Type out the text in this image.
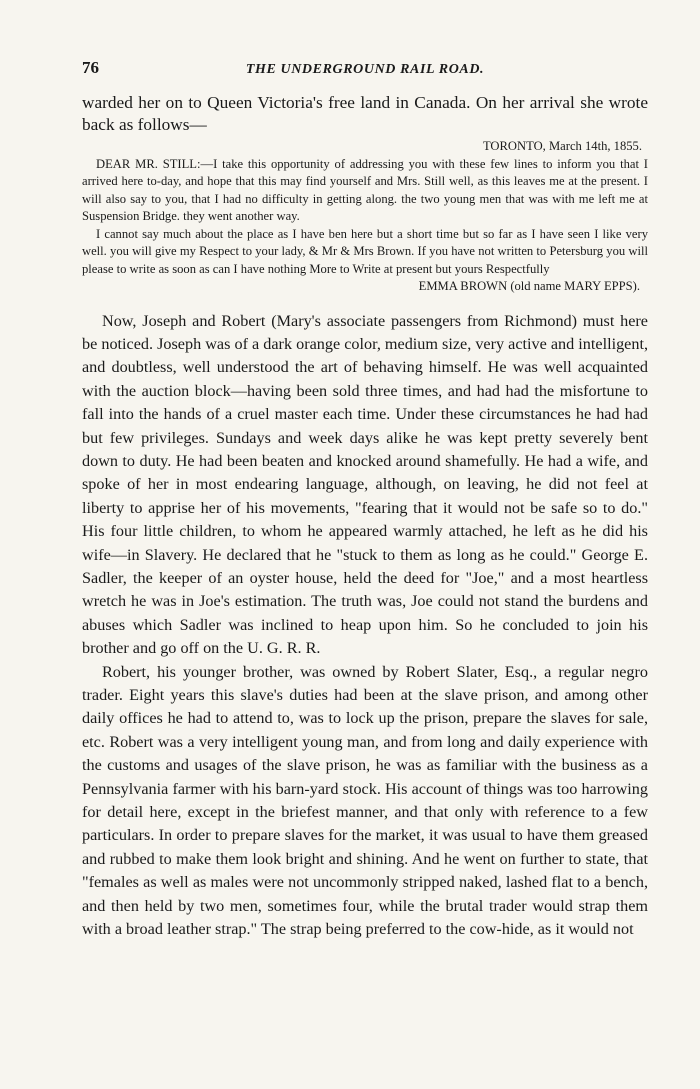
76	THE UNDERGROUND RAIL ROAD.
warded her on to Queen Victoria's free land in Canada. On her arrival she wrote back as follows—
TORONTO, March 14th, 1855.

DEAR MR. STILL:—I take this opportunity of addressing you with these few lines to inform you that I arrived here to-day, and hope that this may find yourself and Mrs. Still well, as this leaves me at the present. I will also say to you, that I had no difficulty in getting along. the two young men that was with me left me at Suspension Bridge. they went another way.

I cannot say much about the place as I have ben here but a short time but so far as I have seen I like very well. you will give my Respect to your lady, & Mr & Mrs Brown. If you have not written to Petersburg you will please to write as soon as can I have nothing More to Write at present but yours Respectfully

EMMA BROWN (old name MARY EPPS).

Now, Joseph and Robert (Mary's associate passengers from Richmond) must here be noticed. Joseph was of a dark orange color, medium size, very active and intelligent, and doubtless, well understood the art of behaving himself. He was well acquainted with the auction block—having been sold three times, and had had the misfortune to fall into the hands of a cruel master each time. Under these circumstances he had had but few privileges. Sundays and week days alike he was kept pretty severely bent down to duty. He had been beaten and knocked around shamefully. He had a wife, and spoke of her in most endearing language, although, on leaving, he did not feel at liberty to apprise her of his movements, "fearing that it would not be safe so to do." His four little children, to whom he appeared warmly attached, he left as he did his wife—in Slavery. He declared that he "stuck to them as long as he could." George E. Sadler, the keeper of an oyster house, held the deed for "Joe," and a most heartless wretch he was in Joe's estimation. The truth was, Joe could not stand the burdens and abuses which Sadler was inclined to heap upon him. So he concluded to join his brother and go off on the U. G. R. R.

Robert, his younger brother, was owned by Robert Slater, Esq., a regular negro trader. Eight years this slave's duties had been at the slave prison, and among other daily offices he had to attend to, was to lock up the prison, prepare the slaves for sale, etc. Robert was a very intelligent young man, and from long and daily experience with the customs and usages of the slave prison, he was as familiar with the business as a Pennsylvania farmer with his barn-yard stock. His account of things was too harrowing for detail here, except in the briefest manner, and that only with reference to a few particulars. In order to prepare slaves for the market, it was usual to have them greased and rubbed to make them look bright and shining. And he went on further to state, that "females as well as males were not uncommonly stripped naked, lashed flat to a bench, and then held by two men, sometimes four, while the brutal trader would strap them with a broad leather strap." The strap being preferred to the cow-hide, as it would not
